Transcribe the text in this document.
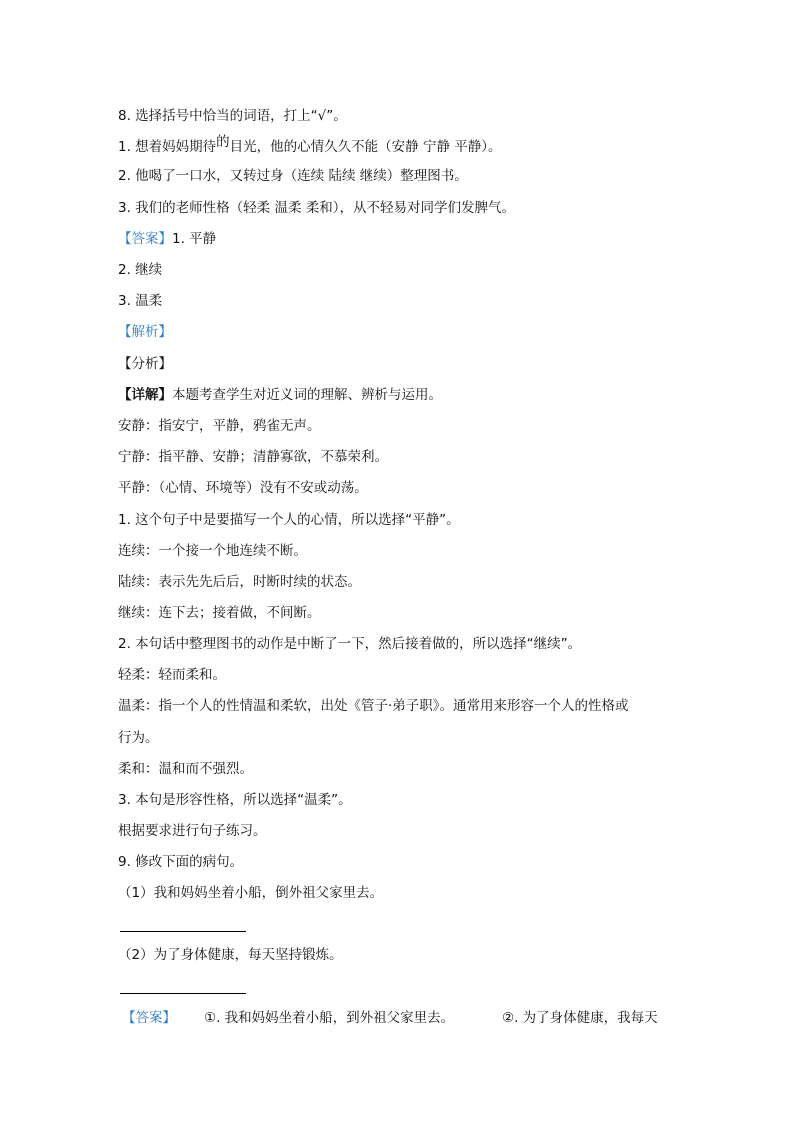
8. 选择括号中恰当的词语，打上“√”。
1. 想着妈妈期待的目光，他的心情久久不能（安静 宁静 平静）。
2. 他喝了一口水，又转过身（连续 陆续 继续）整理图书。
3. 我们的老师性格（轻柔 温柔 柔和），从不轻易对同学们发脾气。
【答案】1. 平静
2. 继续
3. 温柔
【解析】
【分析】
【详解】本题考查学生对近义词的理解、辨析与运用。
安静：指安宁，平静，鸦雀无声。
宁静：指平静、安静；清静寡欲，不慕荣利。
平静：（心情、环境等）没有不安或动荡。
1. 这个句子中是要描写一个人的心情，所以选择“平静”。
连续：一个接一个地连续不断。
陆续：表示先先后后，时断时续的状态。
继续：连下去；接着做，不间断。
2. 本句话中整理图书的动作是中断了一下，然后接着做的，所以选择“继续”。
轻柔：轻而柔和。
温柔：指一个人的性情温和柔软，出处《管子·弟子职》。通常用来形容一个人的性格或
行为。
柔和：温和而不强烈。
3. 本句是形容性格，所以选择“温柔”。
根据要求进行句子练习。
9. 修改下面的病句。
（1）我和妈妈坐着小船，倒外祖父家里去。
（2）为了身体健康，每天坚持锻炼。
【答案】 ①. 我和妈妈坐着小船，到外祖父家里去。	②. 为了身体健康，我每天
